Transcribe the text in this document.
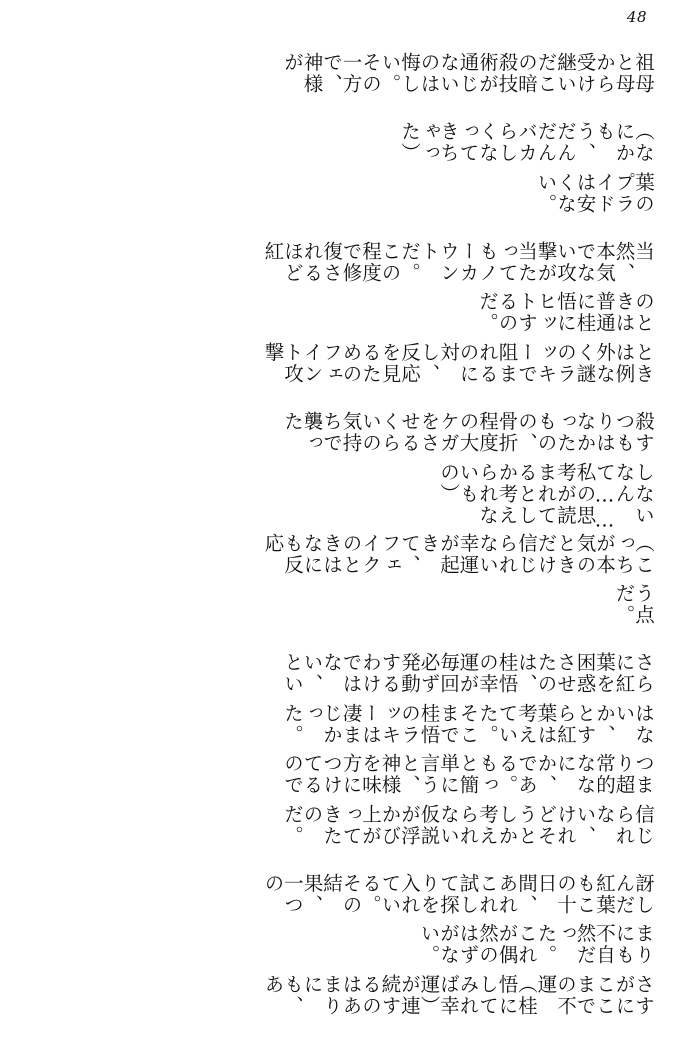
48
さすがにここまでの不運（桂悟にしてみれば幸運）が連続するのはあまりにも、あ
まりにも不自然だった。これが偶然のはずがない。
訝しんだ紅葉もこの十日間、あれこれ試して探りを入れている。その結果、一つの
信じられない、けれどそうとしか考えられない仮説が浮かび上がってきたのだ。
つまり超常的ななにか、である。もっと簡単に言うと、神様を味方につけてるので
はないか、とすら紅葉は考えていた。そこまで桂悟のラッキーは凄まじかった。
さらに紅葉を困惑させたのは、桂悟の幸運が毎回必ず発動するわけではない、とい
う点だ。
（こっちが本気のときだけ信じられない幸運が起きて、フェイクのときはなにも反応
しないなんて……私の思考が読まれてるとしか考えられないもの）
殺すつもりはなかったものの、骨折程度の大ケガをさせるくらいの気持ちで襲った
ときは例外なく謎のラッキーで阻まれるのに対し、反応を見るためのフェイント攻撃
のときは普通に桂悟にヒットするのだ。
当然、本気でない攻撃が当たってもノーカウントだ。この程度で修復されるほど紅
葉のプライドは安くない。
（なにかもう、だんだんバカらしくなってきちゃった）
祖母と母から受け継いだこの暗殺技術が通じないのは悔しい。その一方で、神様が
